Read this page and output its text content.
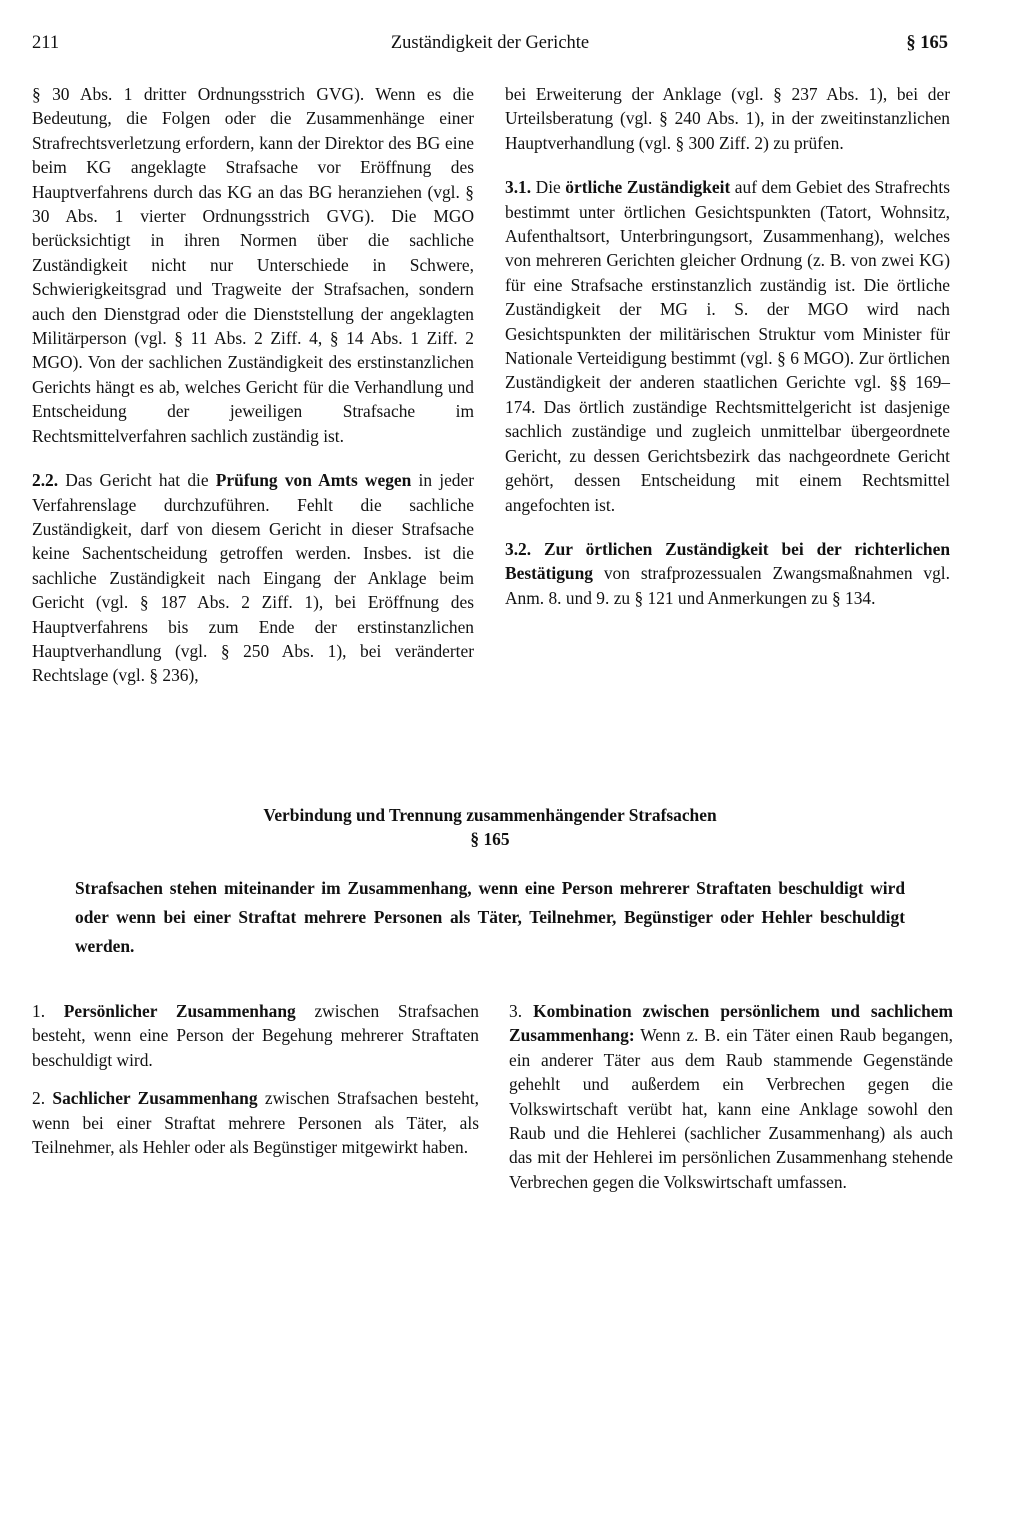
211	Zuständigkeit der Gerichte	§ 165

§ 30 Abs. 1 dritter Ordnungsstrich GVG). Wenn es die Bedeutung, die Folgen oder die Zusammenhänge einer Strafrechtsverletzung erfordern, kann der Direktor des BG eine beim KG angeklagte Strafsache vor Eröffnung des Hauptverfahrens durch das KG an das BG heranziehen (vgl. § 30 Abs. 1 vierter Ordnungsstrich GVG). Die MGO berücksichtigt in ihren Normen über die sachliche Zuständigkeit nicht nur Unterschiede in Schwere, Schwierigkeitsgrad und Tragweite der Strafsachen, sondern auch den Dienstgrad oder die Dienststellung der angeklagten Militärperson (vgl. § 11 Abs. 2 Ziff. 4, § 14 Abs. 1 Ziff. 2 MGO). Von der sachlichen Zuständigkeit des erstinstanzlichen Gerichts hängt es ab, welches Gericht für die Verhandlung und Entscheidung der jeweiligen Strafsache im Rechtsmittelverfahren sachlich zuständig ist.

2.2. Das Gericht hat die Prüfung von Amts wegen in jeder Verfahrenslage durchzuführen. Fehlt die sachliche Zuständigkeit, darf von diesem Gericht in dieser Strafsache keine Sachentscheidung getroffen werden. Insbes. ist die sachliche Zuständigkeit nach Eingang der Anklage beim Gericht (vgl. § 187 Abs. 2 Ziff. 1), bei Eröffnung des Hauptverfahrens bis zum Ende der erstinstanzlichen Hauptverhandlung (vgl. § 250 Abs. 1), bei veränderter Rechtslage (vgl. § 236),

bei Erweiterung der Anklage (vgl. § 237 Abs. 1), bei der Urteilsberatung (vgl. § 240 Abs. 1), in der zweitinstanzlichen Hauptverhandlung (vgl. § 300 Ziff. 2) zu prüfen.

3.1. Die örtliche Zuständigkeit auf dem Gebiet des Strafrechts bestimmt unter örtlichen Gesichtspunkten (Tatort, Wohnsitz, Aufenthaltsort, Unterbringungsort, Zusammenhang), welches von mehreren Gerichten gleicher Ordnung (z. B. von zwei KG) für eine Strafsache erstinstanzlich zuständig ist. Die örtliche Zuständigkeit der MG i. S. der MGO wird nach Gesichtspunkten der militärischen Struktur vom Minister für Nationale Verteidigung bestimmt (vgl. § 6 MGO). Zur örtlichen Zuständigkeit der anderen staatlichen Gerichte vgl. §§ 169–174. Das örtlich zuständige Rechtsmittelgericht ist dasjenige sachlich zuständige und zugleich unmittelbar übergeordnete Gericht, zu dessen Gerichtsbezirk das nachgeordnete Gericht gehört, dessen Entscheidung mit einem Rechtsmittel angefochten ist.

3.2. Zur örtlichen Zuständigkeit bei der richterlichen Bestätigung von strafprozessualen Zwangsmaßnahmen vgl. Anm. 8. und 9. zu § 121 und Anmerkungen zu § 134.

Verbindung und Trennung zusammenhängender Strafsachen
§ 165
Strafsachen stehen miteinander im Zusammenhang, wenn eine Person mehrerer Straftaten beschuldigt wird oder wenn bei einer Straftat mehrere Personen als Täter, Teilnehmer, Begünstiger oder Hehler beschuldigt werden.

1. Persönlicher Zusammenhang zwischen Strafsachen besteht, wenn eine Person der Begehung mehrerer Straftaten beschuldigt wird.

2. Sachlicher Zusammenhang zwischen Strafsachen besteht, wenn bei einer Straftat mehrere Personen als Täter, als Teilnehmer, als Hehler oder als Begünstiger mitgewirkt haben.

3. Kombination zwischen persönlichem und sachlichem Zusammenhang: Wenn z. B. ein Täter einen Raub begangen, ein anderer Täter aus dem Raub stammende Gegenstände gehehlt und außerdem ein Verbrechen gegen die Volkswirtschaft verübt hat, kann eine Anklage sowohl den Raub und die Hehlerei (sachlicher Zusammenhang) als auch das mit der Hehlerei im persönlichen Zusammenhang stehende Verbrechen gegen die Volkswirtschaft umfassen.
